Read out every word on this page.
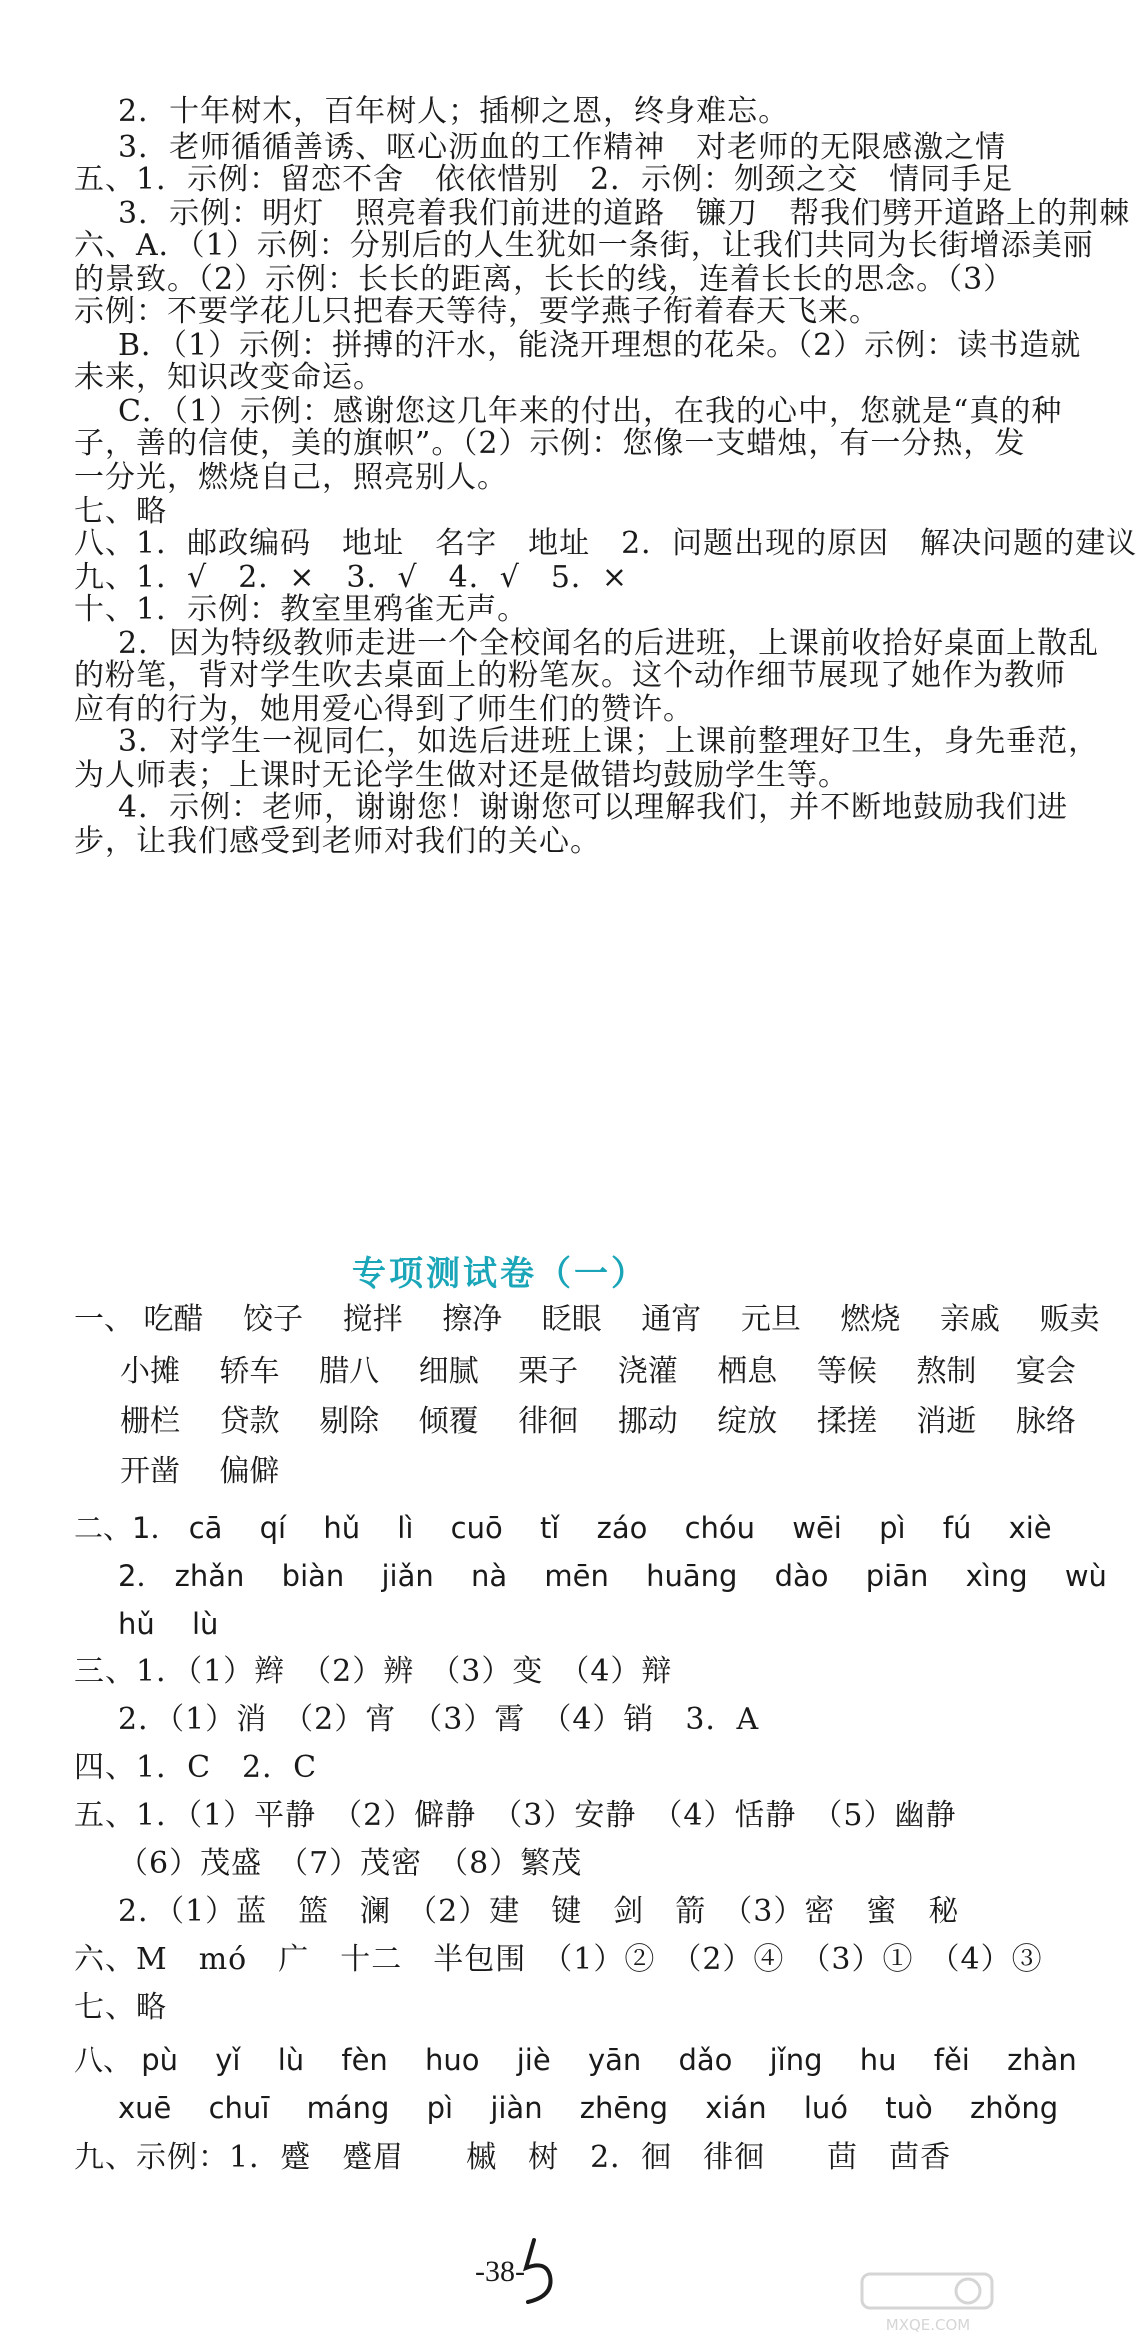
2．十年树木，百年树人；插柳之恩，终身难忘。
3．老师循循善诱、呕心沥血的工作精神　对老师的无限感激之情
五、1．示例：留恋不舍　依依惜别　2．示例：刎颈之交　情同手足
3．示例：明灯　照亮着我们前进的道路　镰刀　帮我们劈开道路上的荆棘
六、A．（1）示例：分别后的人生犹如一条街，让我们共同为长街增添美丽
的景致。（2）示例：长长的距离，长长的线，连着长长的思念。（3）
示例：不要学花儿只把春天等待，要学燕子衔着春天飞来。
B．（1）示例：拼搏的汗水，能浇开理想的花朵。（2）示例：读书造就
未来，知识改变命运。
C．（1）示例：感谢您这几年来的付出，在我的心中，您就是“真的种
子，善的信使，美的旗帜”。（2）示例：您像一支蜡烛，有一分热，发
一分光，燃烧自己，照亮别人。
七、略
八、1．邮政编码　地址　名字　地址　2．问题出现的原因　解决问题的建议
九、1．√　2．×　3．√　4．√　5．×
十、1．示例：教室里鸦雀无声。
2．因为特级教师走进一个全校闻名的后进班，上课前收拾好桌面上散乱
的粉笔，背对学生吹去桌面上的粉笔灰。这个动作细节展现了她作为教师
应有的行为，她用爱心得到了师生们的赞许。
3．对学生一视同仁，如选后进班上课；上课前整理好卫生，身先垂范，
为人师表；上课时无论学生做对还是做错均鼓励学生等。
4．示例：老师，谢谢您！谢谢您可以理解我们，并不断地鼓励我们进
步，让我们感受到老师对我们的关心。
专项测试卷（一）
一、 吃醋 饺子 搅拌 擦净 眨眼 通宵 元旦 燃烧 亲戚 贩卖
小摊 轿车 腊八 细腻 栗子 浇灌 栖息 等候 熬制 宴会
栅栏 贷款 剔除 倾覆 徘徊 挪动 绽放 揉搓 消逝 脉络
开凿 偏僻
二、1． cā qí hǔ lì cuō tǐ záo chóu wēi pì fú xiè
2． zhǎn biàn jiǎn nà mēn huāng dào piān xìng wù
hǔ lù
三、1．（1）辫　（2）辨　（3）变　（4）辩
2．（1）消　（2）宵　（3）霄　（4）销　3．A
四、1．C　2．C
五、1．（1）平静　（2）僻静　（3）安静　（4）恬静　（5）幽静
（6）茂盛　（7）茂密　（8）繁茂
2．（1）蓝　篮　澜　（2）建　键　剑　箭　（3）密　蜜　秘
六、M　mó　广　十二　半包围　（1）②　（2）④　（3）①　（4）③
七、略
八、 pù yǐ lù fèn huo jiè yān dǎo jǐng hu fěi zhàn
xuē chuī máng pì jiàn zhēng xián luó tuò zhǒng
九、示例：1．蹙　蹙眉　　槭　树　2．徊　徘徊　　茴　茴香
-38-
MXQE.COM
